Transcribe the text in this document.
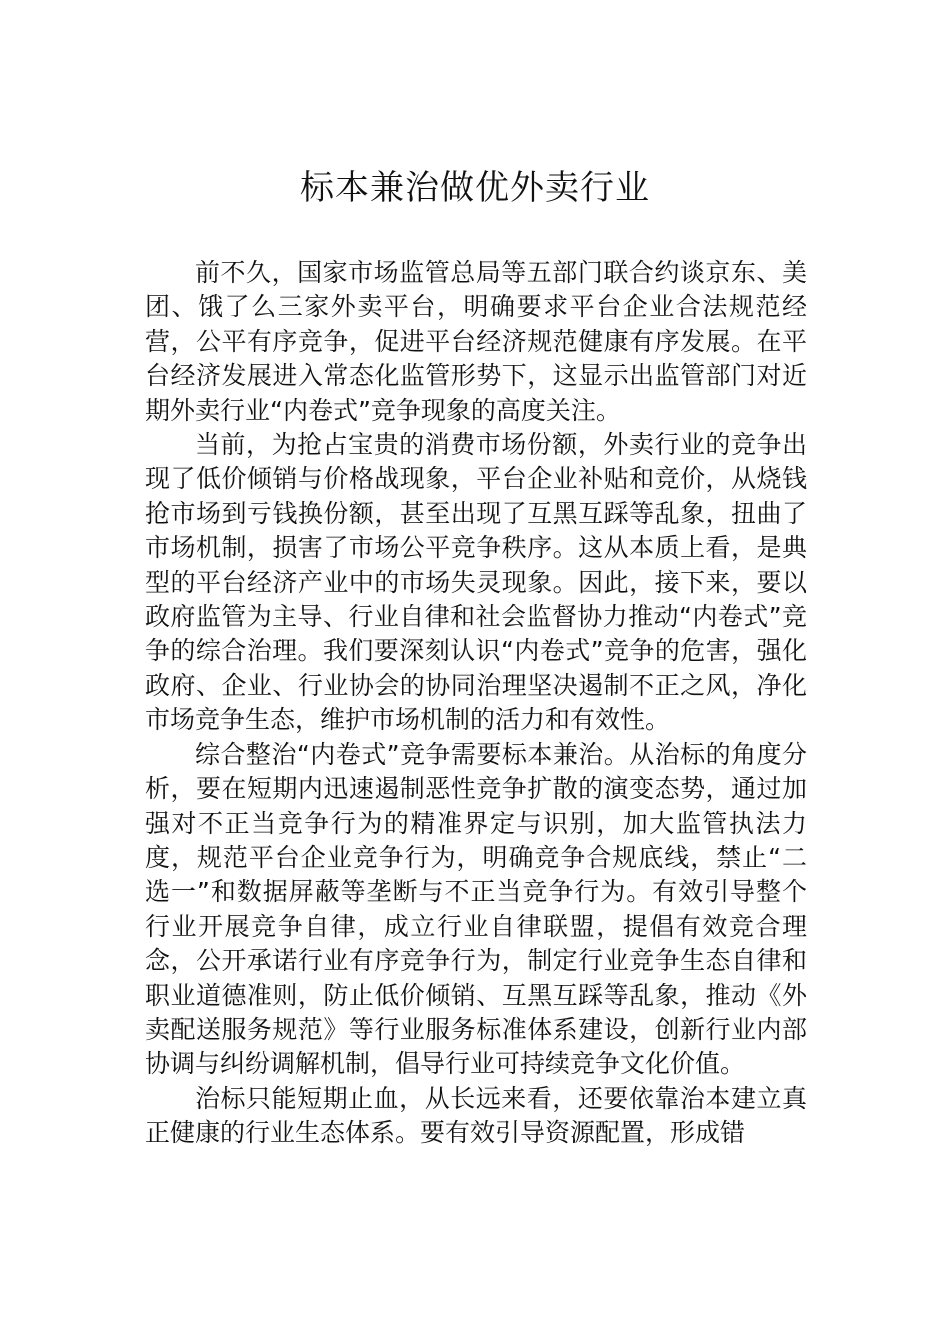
标本兼治做优外卖行业

前不久，国家市场监管总局等五部门联合约谈京东、美团、饿了么三家外卖平台，明确要求平台企业合法规范经营，公平有序竞争，促进平台经济规范健康有序发展。在平台经济发展进入常态化监管形势下，这显示出监管部门对近期外卖行业“内卷式”竞争现象的高度关注。

当前，为抢占宝贵的消费市场份额，外卖行业的竞争出现了低价倾销与价格战现象，平台企业补贴和竞价，从烧钱抢市场到亏钱换份额，甚至出现了互黑互踩等乱象，扭曲了市场机制，损害了市场公平竞争秩序。这从本质上看，是典型的平台经济产业中的市场失灵现象。因此，接下来，要以政府监管为主导、行业自律和社会监督协力推动“内卷式”竞争的综合治理。我们要深刻认识“内卷式”竞争的危害，强化政府、企业、行业协会的协同治理坚决遏制不正之风，净化市场竞争生态，维护市场机制的活力和有效性。

综合整治“内卷式”竞争需要标本兼治。从治标的角度分析，要在短期内迅速遏制恶性竞争扩散的演变态势，通过加强对不正当竞争行为的精准界定与识别，加大监管执法力度，规范平台企业竞争行为，明确竞争合规底线，禁止“二选一”和数据屏蔽等垄断与不正当竞争行为。有效引导整个行业开展竞争自律，成立行业自律联盟，提倡有效竞合理念，公开承诺行业有序竞争行为，制定行业竞争生态自律和职业道德准则，防止低价倾销、互黑互踩等乱象，推动《外卖配送服务规范》等行业服务标准体系建设，创新行业内部协调与纠纷调解机制，倡导行业可持续竞争文化价值。

治标只能短期止血，从长远来看，还要依靠治本建立真正健康的行业生态体系。要有效引导资源配置，形成错
